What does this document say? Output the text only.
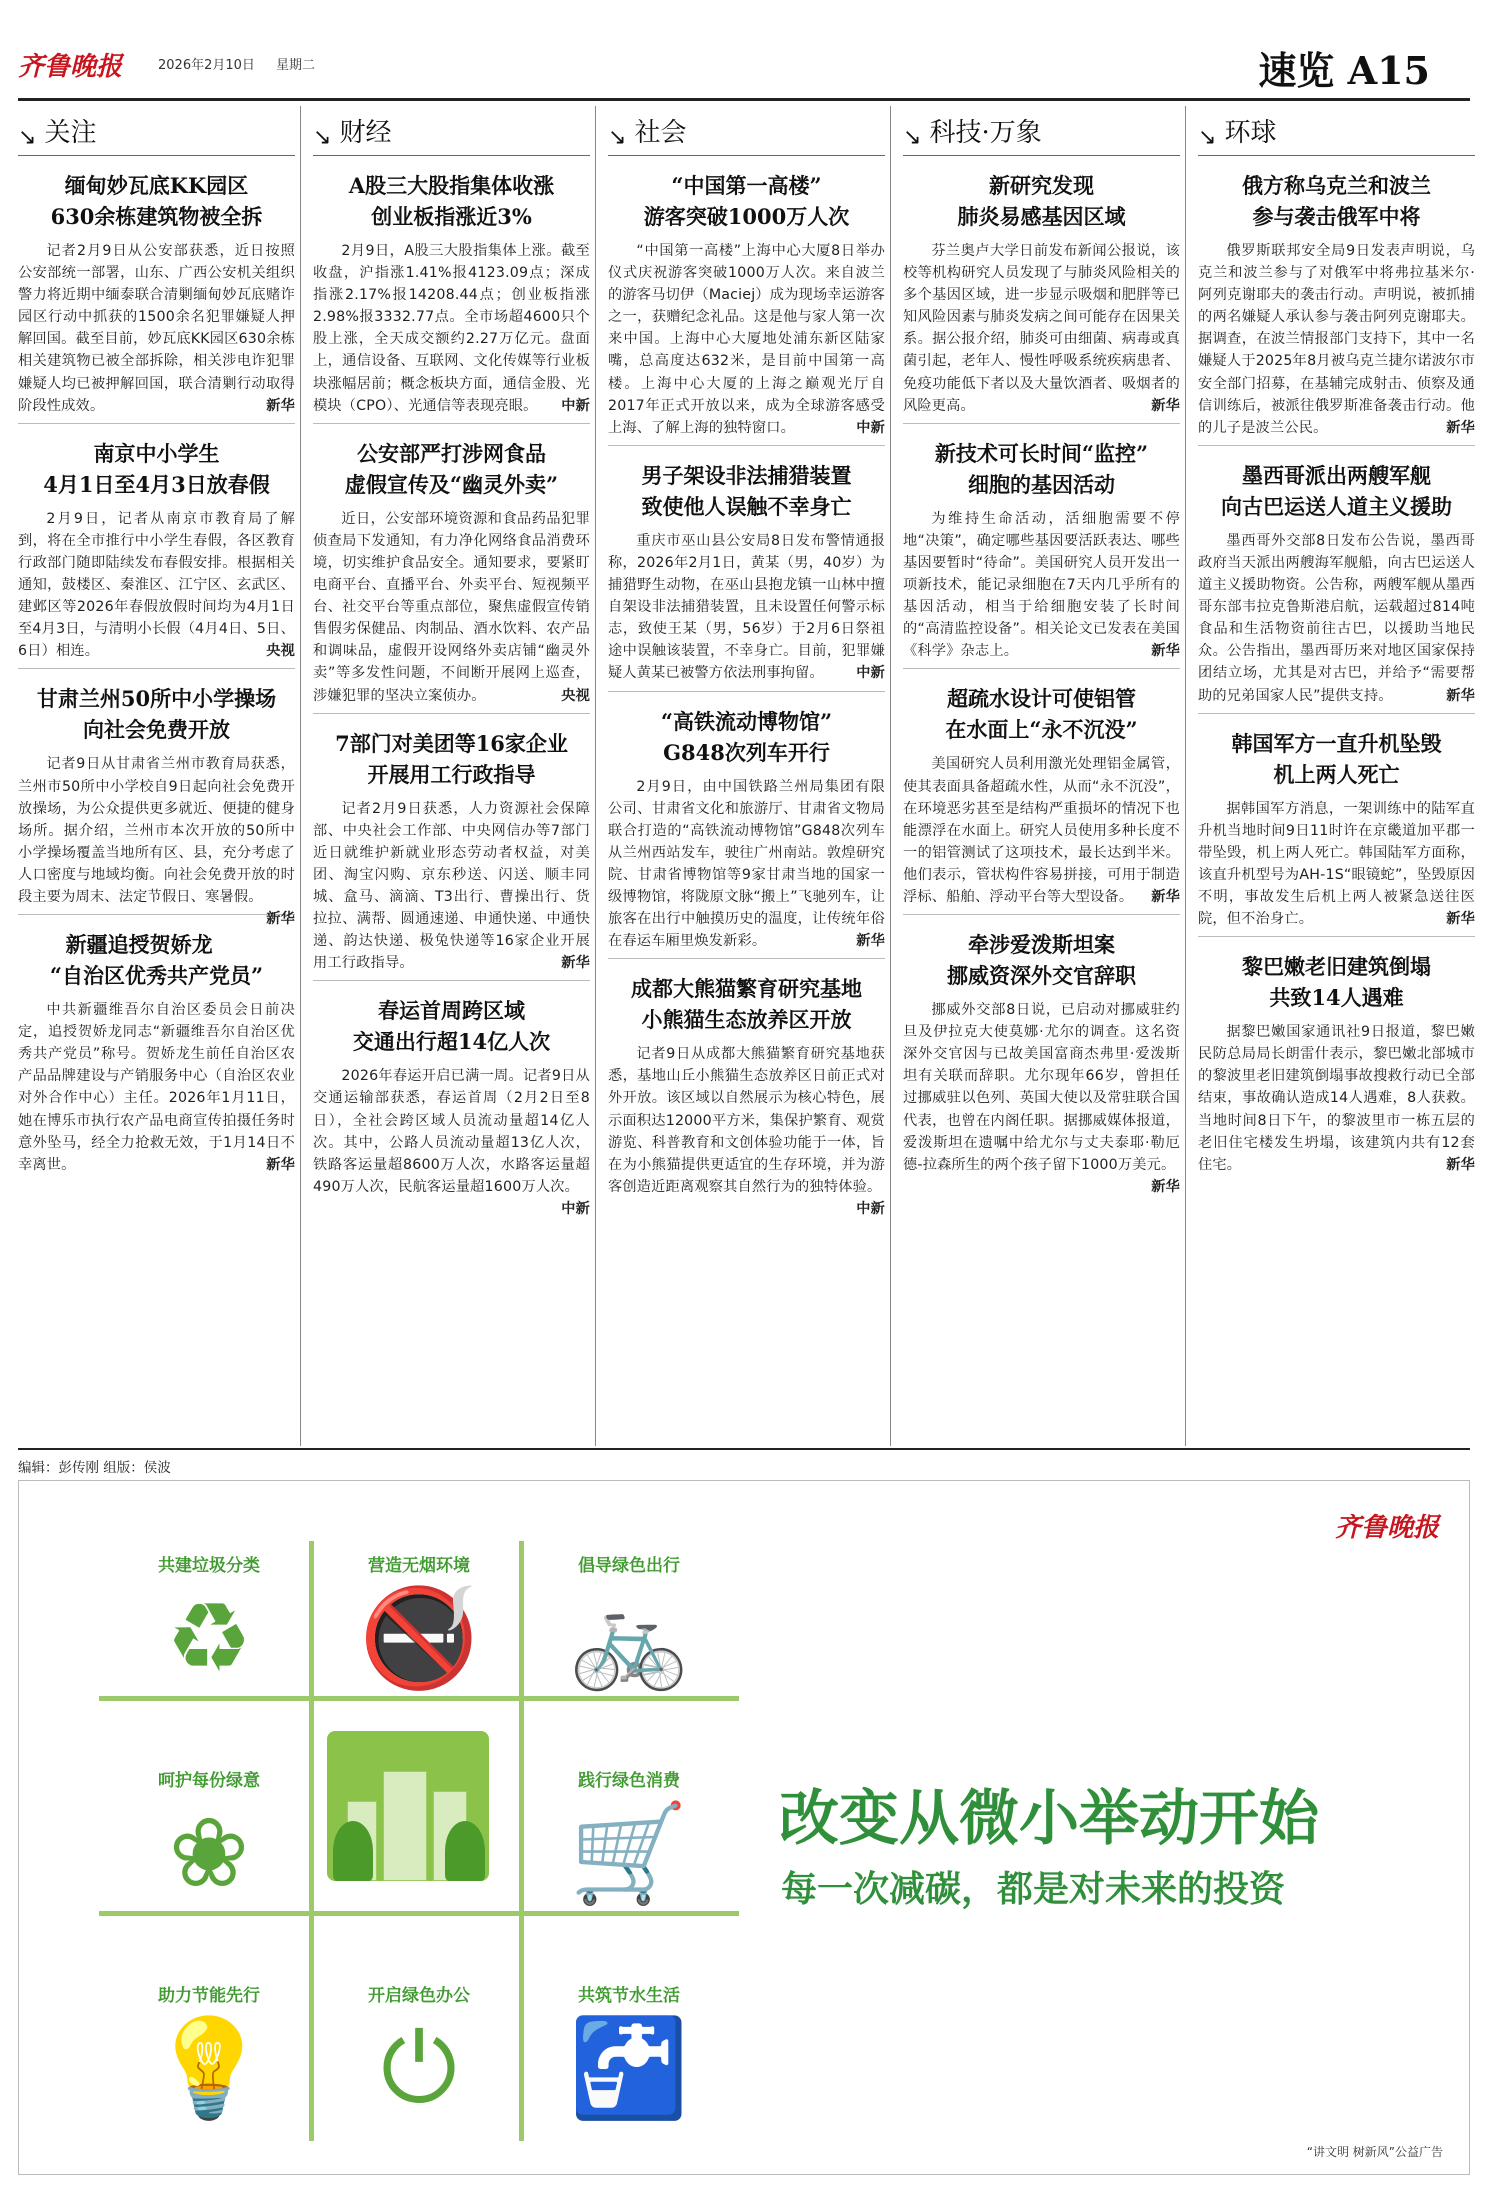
齐鲁晚报	2026年2月10日 星期二	速览 A15
↘ 关注
缅甸妙瓦底KK园区
630余栋建筑物被全拆

记者2月9日从公安部获悉，近日按照公安部统一部署，山东、广西公安机关组织警力将近期中缅泰联合清剿缅甸妙瓦底赌诈园区行动中抓获的1500余名犯罪嫌疑人押解回国。截至目前，妙瓦底KK园区630余栋相关建筑物已被全部拆除，相关涉电诈犯罪嫌疑人均已被押解回国，联合清剿行动取得阶段性成效。	新华

南京中小学生
4月1日至4月3日放春假

2月9日，记者从南京市教育局了解到，将在全市推行中小学生春假，各区教育行政部门随即陆续发布春假安排。根据相关通知，鼓楼区、秦淮区、江宁区、玄武区、建邺区等2026年春假放假时间均为4月1日至4月3日，与清明小长假（4月4日、5日、6日）相连。	央视

甘肃兰州50所中小学操场
向社会免费开放

记者9日从甘肃省兰州市教育局获悉，兰州市50所中小学校自9日起向社会免费开放操场，为公众提供更多就近、便捷的健身场所。据介绍，兰州市本次开放的50所中小学操场覆盖当地所有区、县，充分考虑了人口密度与地域均衡。向社会免费开放的时段主要为周末、法定节假日、寒暑假。
新华

新疆追授贺娇龙
“自治区优秀共产党员”

中共新疆维吾尔自治区委员会日前决定，追授贺娇龙同志“新疆维吾尔自治区优秀共产党员”称号。贺娇龙生前任自治区农产品品牌建设与产销服务中心（自治区农业对外合作中心）主任。2026年1月11日，她在博乐市执行农产品电商宣传拍摄任务时意外坠马，经全力抢救无效，于1月14日不幸离世。	新华

↘ 财经
A股三大股指集体收涨
创业板指涨近3%

2月9日，A股三大股指集体上涨。截至收盘，沪指涨1.41%报4123.09点；深成指涨2.17%报14208.44点；创业板指涨2.98%报3332.77点。全市场超4600只个股上涨，全天成交额约2.27万亿元。盘面上，通信设备、互联网、文化传媒等行业板块涨幅居前；概念板块方面，通信金股、光模块（CPO）、光通信等表现亮眼。 中新

公安部严打涉网食品
虚假宣传及“幽灵外卖”

近日，公安部环境资源和食品药品犯罪侦查局下发通知，有力净化网络食品消费环境，切实维护食品安全。通知要求，要紧盯电商平台、直播平台、外卖平台、短视频平台、社交平台等重点部位，聚焦虚假宣传销售假劣保健品、肉制品、酒水饮料、农产品和调味品，虚假开设网络外卖店铺“幽灵外卖”等多发性问题，不间断开展网上巡查，涉嫌犯罪的坚决立案侦办。	央视

7部门对美团等16家企业
开展用工行政指导

记者2月9日获悉，人力资源社会保障部、中央社会工作部、中央网信办等7部门近日就维护新就业形态劳动者权益，对美团、淘宝闪购、京东秒送、闪送、顺丰同城、盒马、滴滴、T3出行、曹操出行、货拉拉、满帮、圆通速递、申通快递、中通快递、韵达快递、极兔快递等16家企业开展用工行政指导。	新华

春运首周跨区域
交通出行超14亿人次

2026年春运开启已满一周。记者9日从交通运输部获悉，春运首周（2月2日至8日），全社会跨区域人员流动量超14亿人次。其中，公路人员流动量超13亿人次，铁路客运量超8600万人次，水路客运量超490万人次，民航客运量超1600万人次。
中新

↘ 社会
“中国第一高楼”
游客突破1000万人次

“中国第一高楼”上海中心大厦8日举办仪式庆祝游客突破1000万人次。来自波兰的游客马切伊（Maciej）成为现场幸运游客之一，获赠纪念礼品。这是他与家人第一次来中国。上海中心大厦地处浦东新区陆家嘴，总高度达632米，是目前中国第一高楼。上海中心大厦的上海之巅观光厅自2017年正式开放以来，成为全球游客感受上海、了解上海的独特窗口。	中新

男子架设非法捕猎装置
致使他人误触不幸身亡

重庆市巫山县公安局8日发布警情通报称，2026年2月1日，黄某（男，40岁）为捕猎野生动物，在巫山县抱龙镇一山林中擅自架设非法捕猎装置，且未设置任何警示标志，致使王某（男，56岁）于2月6日祭祖途中误触该装置，不幸身亡。目前，犯罪嫌疑人黄某已被警方依法刑事拘留。 中新

“高铁流动博物馆”
G848次列车开行

2月9日，由中国铁路兰州局集团有限公司、甘肃省文化和旅游厅、甘肃省文物局联合打造的“高铁流动博物馆”G848次列车从兰州西站发车，驶往广州南站。敦煌研究院、甘肃省博物馆等9家甘肃当地的国家一级博物馆，将陇原文脉“搬上”飞驰列车，让旅客在出行中触摸历史的温度，让传统年俗在春运车厢里焕发新彩。	新华

成都大熊猫繁育研究基地
小熊猫生态放养区开放

记者9日从成都大熊猫繁育研究基地获悉，基地山丘小熊猫生态放养区日前正式对外开放。该区域以自然展示为核心特色，展示面积达12000平方米，集保护繁育、观赏游览、科普教育和文创体验功能于一体，旨在为小熊猫提供更适宜的生存环境，并为游客创造近距离观察其自然行为的独特体验。
中新

↘ 科技·万象
新研究发现
肺炎易感基因区域

芬兰奥卢大学日前发布新闻公报说，该校等机构研究人员发现了与肺炎风险相关的多个基因区域，进一步显示吸烟和肥胖等已知风险因素与肺炎发病之间可能存在因果关系。据公报介绍，肺炎可由细菌、病毒或真菌引起，老年人、慢性呼吸系统疾病患者、免疫功能低下者以及大量饮酒者、吸烟者的风险更高。	新华

新技术可长时间“监控”
细胞的基因活动

为维持生命活动，活细胞需要不停地“决策”，确定哪些基因要活跃表达、哪些基因要暂时“待命”。美国研究人员开发出一项新技术，能记录细胞在7天内几乎所有的基因活动，相当于给细胞安装了长时间的“高清监控设备”。相关论文已发表在美国《科学》杂志上。	新华

超疏水设计可使铝管
在水面上“永不沉没”

美国研究人员利用激光处理铝金属管，使其表面具备超疏水性，从而“永不沉没”，在环境恶劣甚至是结构严重损坏的情况下也能漂浮在水面上。研究人员使用多种长度不一的铝管测试了这项技术，最长达到半米。他们表示，管状构件容易拼接，可用于制造浮标、船舶、浮动平台等大型设备。 新华

牵涉爱泼斯坦案
挪威资深外交官辞职

挪威外交部8日说，已启动对挪威驻约旦及伊拉克大使莫娜·尤尔的调查。这名资深外交官因与已故美国富商杰弗里·爱泼斯坦有关联而辞职。尤尔现年66岁，曾担任过挪威驻以色列、英国大使以及常驻联合国代表，也曾在内阁任职。据挪威媒体报道，爱泼斯坦在遗嘱中给尤尔与丈夫泰耶·勒厄德-拉森所生的两个孩子留下1000万美元。
新华

↘ 环球
俄方称乌克兰和波兰
参与袭击俄军中将

俄罗斯联邦安全局9日发表声明说，乌克兰和波兰参与了对俄军中将弗拉基米尔·阿列克谢耶夫的袭击行动。声明说，被抓捕的两名嫌疑人承认参与袭击阿列克谢耶夫。据调查，在波兰情报部门支持下，其中一名嫌疑人于2025年8月被乌克兰捷尔诺波尔市安全部门招募，在基辅完成射击、侦察及通信训练后，被派往俄罗斯准备袭击行动。他的儿子是波兰公民。	新华

墨西哥派出两艘军舰
向古巴运送人道主义援助

墨西哥外交部8日发布公告说，墨西哥政府当天派出两艘海军舰船，向古巴运送人道主义援助物资。公告称，两艘军舰从墨西哥东部韦拉克鲁斯港启航，运载超过814吨食品和生活物资前往古巴，以援助当地民众。公告指出，墨西哥历来对地区国家保持团结立场，尤其是对古巴，并给予“需要帮助的兄弟国家人民”提供支持。	新华

韩国军方一直升机坠毁
机上两人死亡

据韩国军方消息，一架训练中的陆军直升机当地时间9日11时许在京畿道加平郡一带坠毁，机上两人死亡。韩国陆军方面称，该直升机型号为AH-1S“眼镜蛇”，坠毁原因不明，事故发生后机上两人被紧急送往医院，但不治身亡。	新华

黎巴嫩老旧建筑倒塌
共致14人遇难

据黎巴嫩国家通讯社9日报道，黎巴嫩民防总局局长朗雷什表示，黎巴嫩北部城市的黎波里老旧建筑倒塌事故搜救行动已全部结束，事故确认造成14人遇难，8人获救。当地时间8日下午，的黎波里市一栋五层的老旧住宅楼发生坍塌，该建筑内共有12套住宅。	新华

编辑：彭传刚 组版：侯波
齐鲁晚报
共建垃圾分类
♻
营造无烟环境
🚭
倡导绿色出行
🚲
呵护每份绿意
❀
践行绿色消费
🛒
助力节能先行
💡
开启绿色办公
⏻
共筑节水生活
🚰
改变从微小举动开始
每一次减碳，都是对未来的投资
“讲文明 树新风”公益广告
